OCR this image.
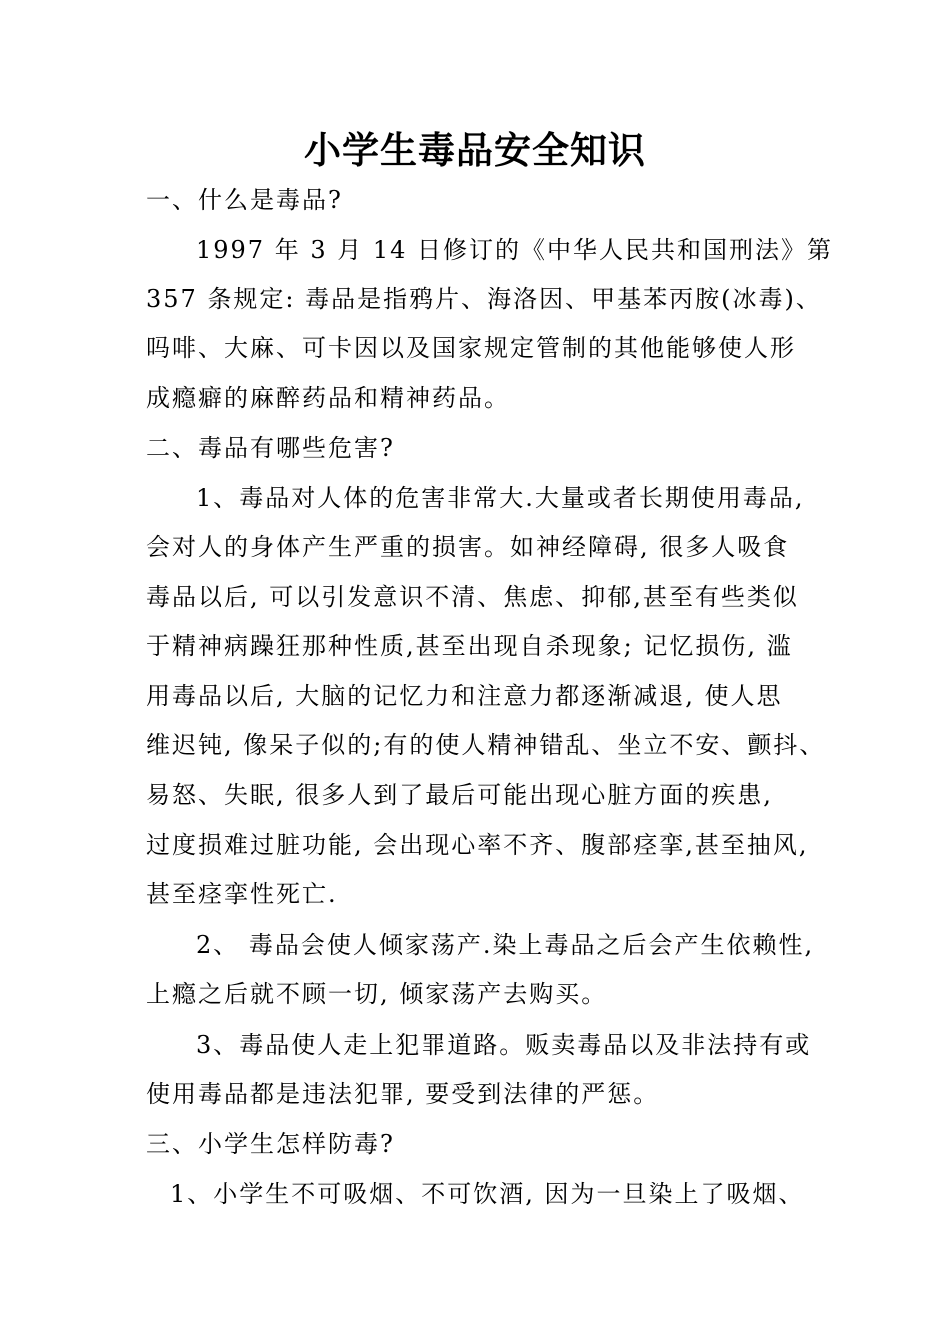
小学生毒品安全知识
一、什么是毒品?
1997 年 3 月 14 日修订的《中华人民共和国刑法》第
357 条规定: 毒品是指鸦片、海洛因、甲基苯丙胺(冰毒)、
吗啡、大麻、可卡因以及国家规定管制的其他能够使人形
成瘾癖的麻醉药品和精神药品。
二、毒品有哪些危害?
1、毒品对人体的危害非常大.大量或者长期使用毒品,
会对人的身体产生严重的损害。如神经障碍, 很多人吸食
毒品以后, 可以引发意识不清、焦虑、抑郁,甚至有些类似
于精神病躁狂那种性质,甚至出现自杀现象; 记忆损伤, 滥
用毒品以后, 大脑的记忆力和注意力都逐渐减退, 使人思
维迟钝, 像呆子似的;有的使人精神错乱、坐立不安、颤抖、
易怒、失眠, 很多人到了最后可能出现心脏方面的疾患,
过度损难过脏功能, 会出现心率不齐、腹部痉挛,甚至抽风,
甚至痉挛性死亡.
2、 毒品会使人倾家荡产.染上毒品之后会产生依赖性,
上瘾之后就不顾一切, 倾家荡产去购买。
3、毒品使人走上犯罪道路。贩卖毒品以及非法持有或
使用毒品都是违法犯罪, 要受到法律的严惩。
三、小学生怎样防毒?
1、小学生不可吸烟、不可饮酒, 因为一旦染上了吸烟、
